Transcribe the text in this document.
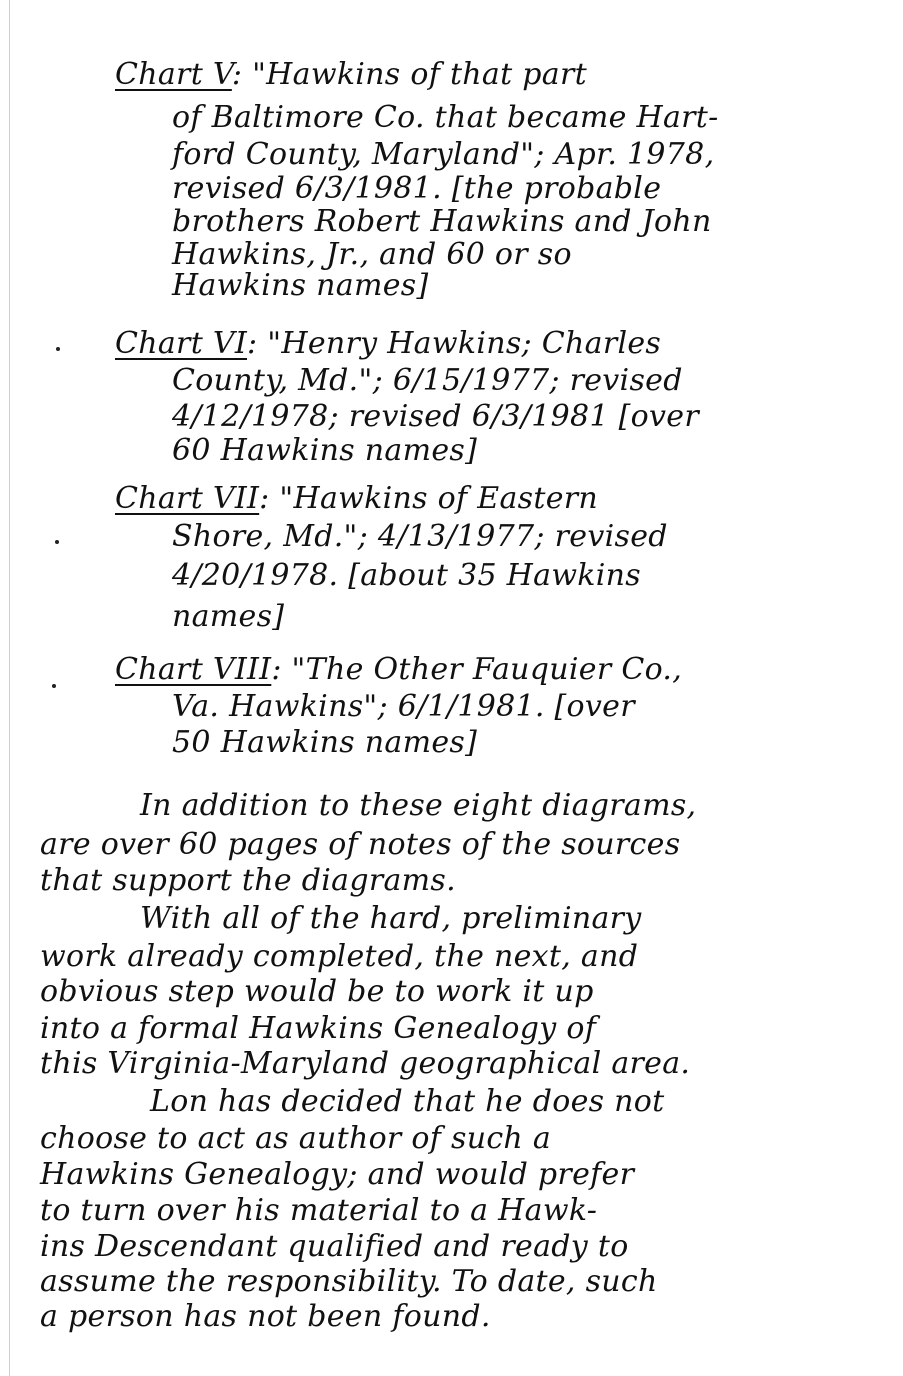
Chart V: "Hawkins of that part
of Baltimore Co. that became Hart-
ford County, Maryland"; Apr. 1978,
revised 6/3/1981. [the probable
brothers Robert Hawkins and John
Hawkins, Jr., and 60 or so
Hawkins names]
Chart VI: "Henry Hawkins; Charles
County, Md."; 6/15/1977; revised
4/12/1978; revised 6/3/1981 [over
60 Hawkins names]
Chart VII: "Hawkins of Eastern
Shore, Md."; 4/13/1977; revised
4/20/1978. [about 35 Hawkins
names]
Chart VIII: "The Other Fauquier Co.,
Va. Hawkins"; 6/1/1981. [over
50 Hawkins names]
In addition to these eight diagrams,
are over 60 pages of notes of the sources
that support the diagrams.
With all of the hard, preliminary
work already completed, the next, and
obvious step would be to work it up
into a formal Hawkins Genealogy of
this Virginia-Maryland geographical area.
Lon has decided that he does not
choose to act as author of such a
Hawkins Genealogy; and would prefer
to turn over his material to a Hawk-
ins Descendant qualified and ready to
assume the responsibility. To date, such
a person has not been found.
